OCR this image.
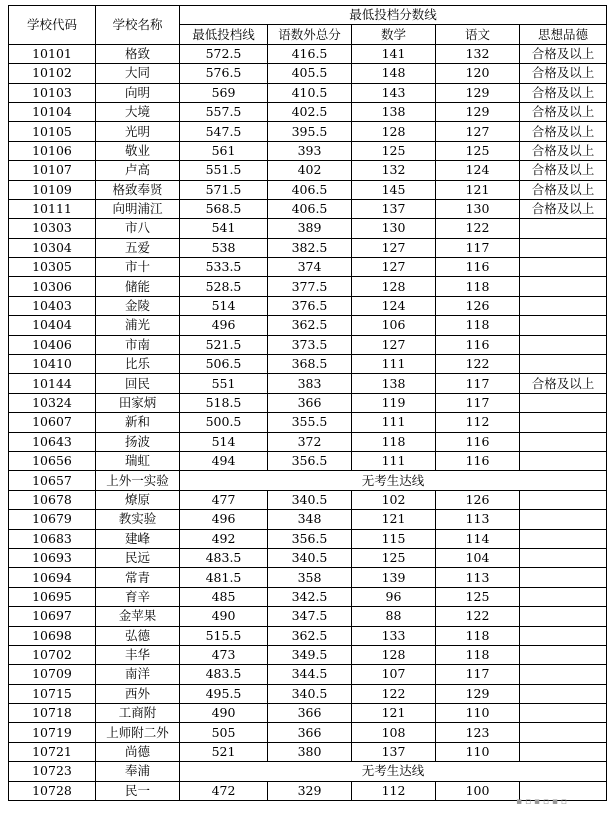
学校代码	学校名称	最低投档分数线				
		最低投档线	语数外总分	数学	语文	思想品德
10101	格致	572.5	416.5	141	132	合格及以上
10102	大同	576.5	405.5	148	120	合格及以上
10103	向明	569	410.5	143	129	合格及以上
10104	大境	557.5	402.5	138	129	合格及以上
10105	光明	547.5	395.5	128	127	合格及以上
10106	敬业	561	393	125	125	合格及以上
10107	卢高	551.5	402	132	124	合格及以上
10109	格致奉贤	571.5	406.5	145	121	合格及以上
10111	向明浦江	568.5	406.5	137	130	合格及以上
10303	市八	541	389	130	122	
10304	五爱	538	382.5	127	117	
10305	市十	533.5	374	127	116	
10306	储能	528.5	377.5	128	118	
10403	金陵	514	376.5	124	126	
10404	浦光	496	362.5	106	118	
10406	市南	521.5	373.5	127	116	
10410	比乐	506.5	368.5	111	122	
10144	回民	551	383	138	117	合格及以上
10324	田家炳	518.5	366	119	117	
10607	新和	500.5	355.5	111	112	
10643	扬波	514	372	118	116	
10656	瑞虹	494	356.5	111	116	
10657	上外一实验	无考生达线				
10678	燎原	477	340.5	102	126	
10679	教实验	496	348	121	113	
10683	建峰	492	356.5	115	114	
10693	民远	483.5	340.5	125	104	
10694	常青	481.5	358	139	113	
10695	育辛	485	342.5	96	125	
10697	金苹果	490	347.5	88	122	
10698	弘德	515.5	362.5	133	118	
10702	丰华	473	349.5	128	118	
10709	南洋	483.5	344.5	107	117	
10715	西外	495.5	340.5	122	129	
10718	工商附	490	366	121	110	
10719	上师附二外	505	366	108	123	
10721	尚德	521	380	137	110	
10723	奉浦	无考生达线				
10728	民一	472	329	112	100	
▪ ▫ ▪ ▫ ▪ ▫
